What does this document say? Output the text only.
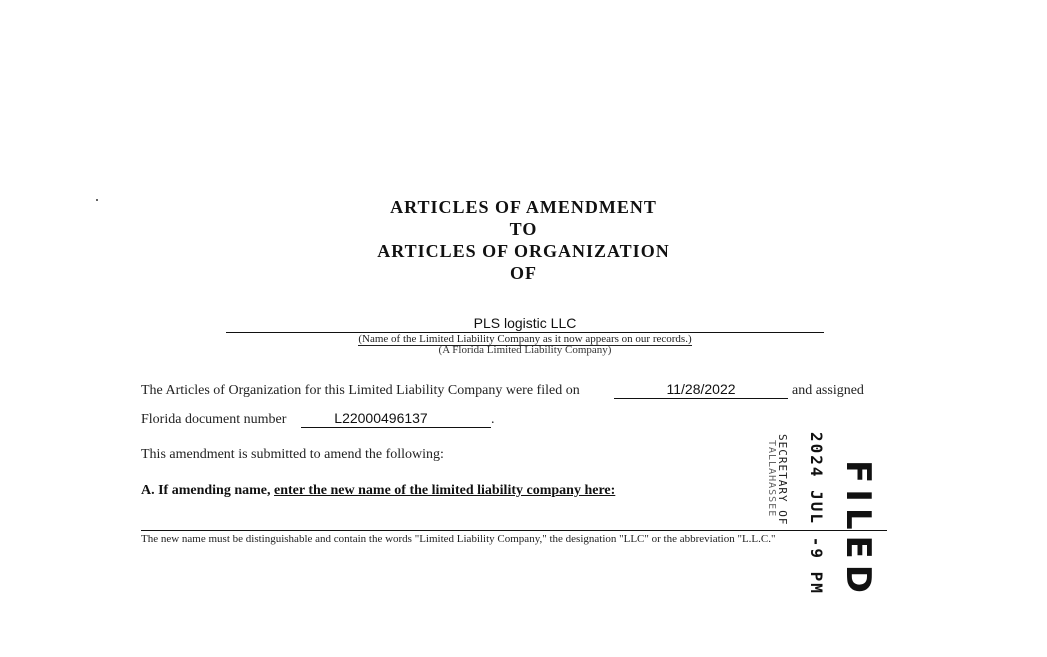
ARTICLES OF AMENDMENT
TO
ARTICLES OF ORGANIZATION
OF
PLS logistic LLC
(Name of the Limited Liability Company as it now appears on our records.)
(A Florida Limited Liability Company)
The Articles of Organization for this Limited Liability Company were filed on	11/28/2022	and assigned
Florida document number	L22000496137	.
This amendment is submitted to amend the following:
A. If amending name, enter the new name of the limited liability company here:
The new name must be distinguishable and contain the words "Limited Liability Company," the designation "LLC" or the abbreviation "L.L.C."
SECRETARY OF
TALLAHASSEE 2024 JUL -9 PM FILED
